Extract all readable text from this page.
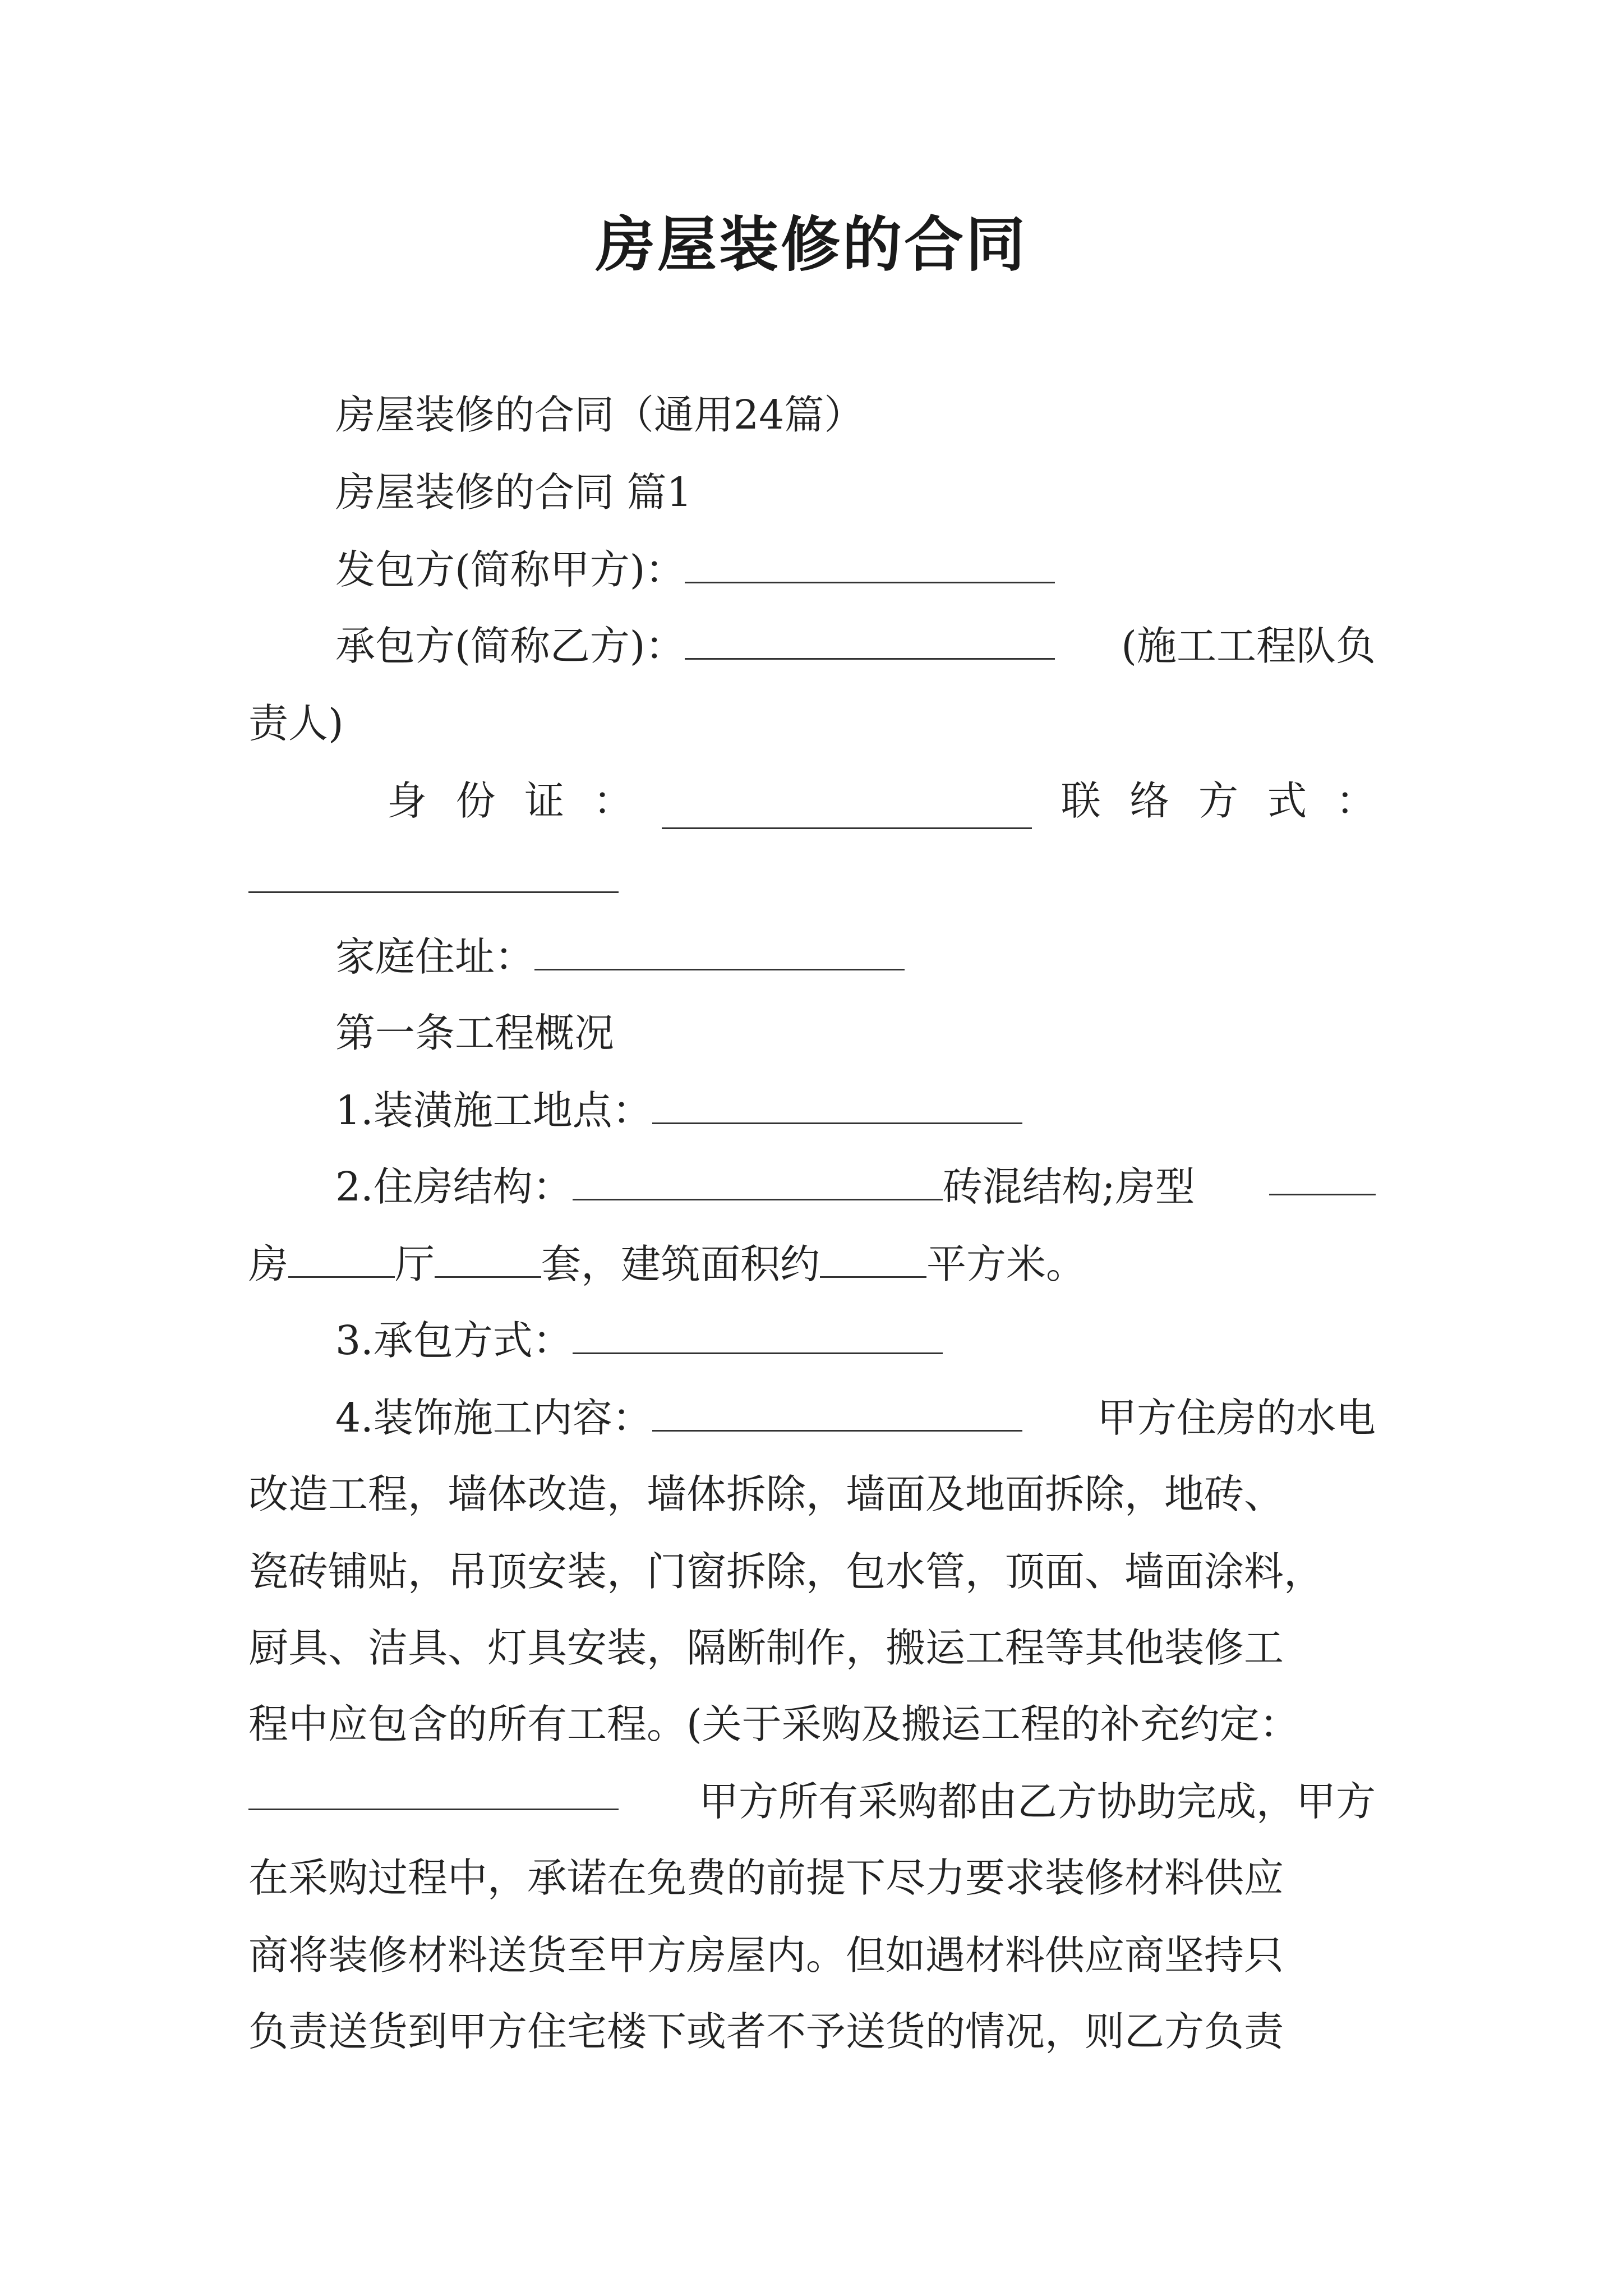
房屋装修的合同
房屋装修的合同（通用24篇）
房屋装修的合同 篇1
发包方(简称甲方)：
承包方(简称乙方)：	(施工工程队负
责人)
身 份 证 ：	联 络 方 式 ：
家庭住址：
第一条工程概况
1.装潢施工地点：
2.住房结构：	砖混结构;房型
房	厅	套，建筑面积约	平方米。
3.承包方式：
4.装饰施工内容：	甲方住房的水电
改造工程，墙体改造，墙体拆除，墙面及地面拆除，地砖、
瓷砖铺贴，吊顶安装，门窗拆除，包水管，顶面、墙面涂料，
厨具、洁具、灯具安装，隔断制作，搬运工程等其他装修工
程中应包含的所有工程。(关于采购及搬运工程的补充约定：
甲方所有采购都由乙方协助完成，甲方
在采购过程中，承诺在免费的前提下尽力要求装修材料供应
商将装修材料送货至甲方房屋内。但如遇材料供应商坚持只
负责送货到甲方住宅楼下或者不予送货的情况，则乙方负责
